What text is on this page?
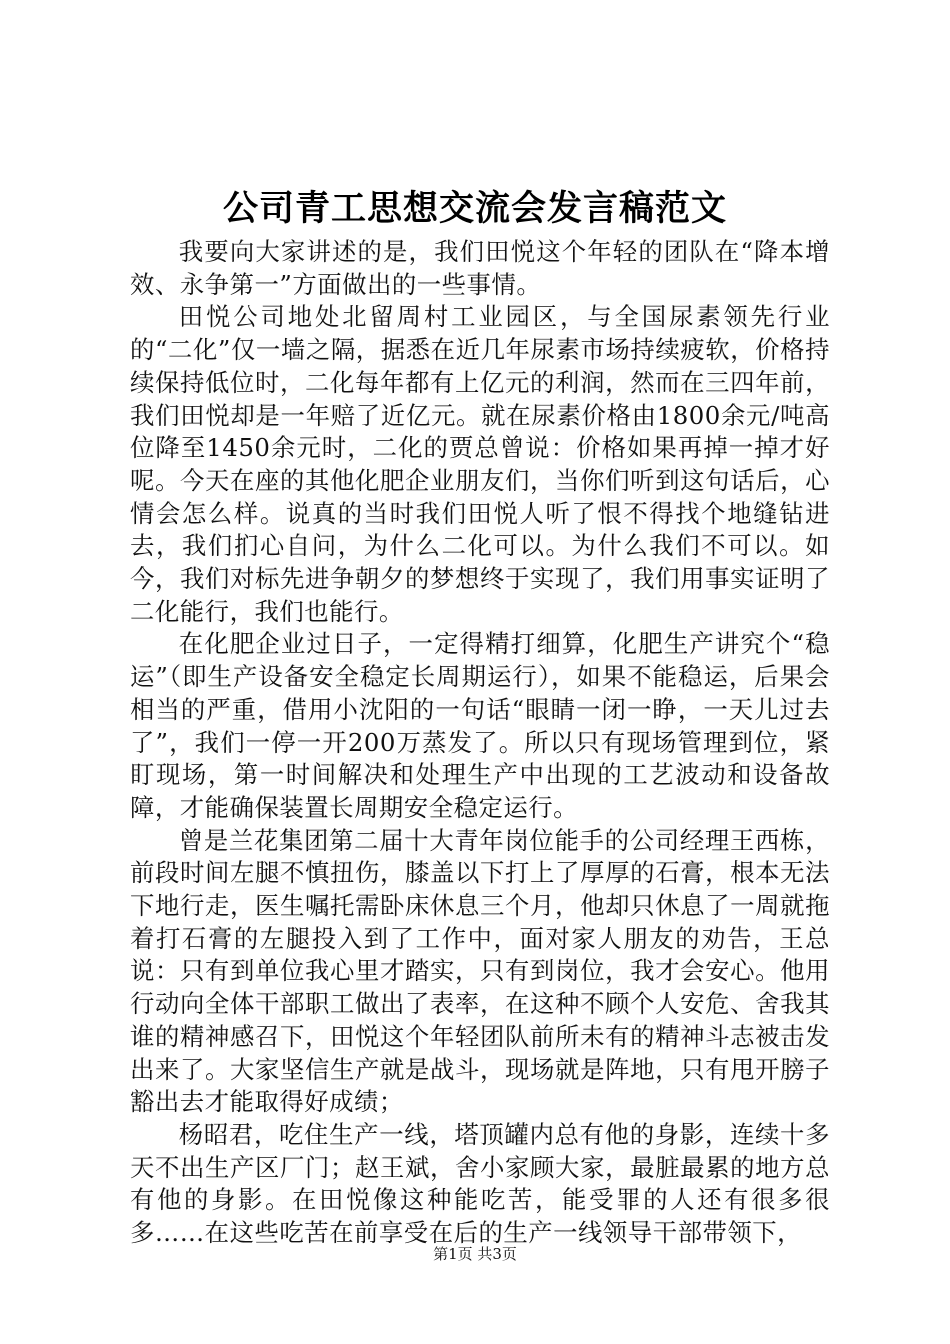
公司青工思想交流会发言稿范文

我要向大家讲述的是，我们田悦这个年轻的团队在“降本增效、永争第一”方面做出的一些事情。

田悦公司地处北留周村工业园区，与全国尿素领先行业的“二化”仅一墙之隔，据悉在近几年尿素市场持续疲软，价格持续保持低位时，二化每年都有上亿元的利润，然而在三四年前，我们田悦却是一年赔了近亿元。就在尿素价格由1800余元/吨高位降至1450余元时，二化的贾总曾说：价格如果再掉一掉才好呢。今天在座的其他化肥企业朋友们，当你们听到这句话后，心情会怎么样。说真的当时我们田悦人听了恨不得找个地缝钻进去，我们扪心自问，为什么二化可以。为什么我们不可以。如今，我们对标先进争朝夕的梦想终于实现了，我们用事实证明了二化能行，我们也能行。

在化肥企业过日子，一定得精打细算，化肥生产讲究个“稳运”（即生产设备安全稳定长周期运行），如果不能稳运，后果会相当的严重，借用小沈阳的一句话“眼睛一闭一睁，一天儿过去了”，我们一停一开200万蒸发了。所以只有现场管理到位，紧盯现场，第一时间解决和处理生产中出现的工艺波动和设备故障，才能确保装置长周期安全稳定运行。

曾是兰花集团第二届十大青年岗位能手的公司经理王西栋，前段时间左腿不慎扭伤，膝盖以下打上了厚厚的石膏，根本无法下地行走，医生嘱托需卧床休息三个月，他却只休息了一周就拖着打石膏的左腿投入到了工作中，面对家人朋友的劝告，王总说：只有到单位我心里才踏实，只有到岗位，我才会安心。他用行动向全体干部职工做出了表率，在这种不顾个人安危、舍我其谁的精神感召下，田悦这个年轻团队前所未有的精神斗志被击发出来了。大家坚信生产就是战斗，现场就是阵地，只有甩开膀子豁出去才能取得好成绩；

杨昭君，吃住生产一线，塔顶罐内总有他的身影，连续十多天不出生产区厂门；赵王斌，舍小家顾大家，最脏最累的地方总有他的身影。在田悦像这种能吃苦，能受罪的人还有很多很多……在这些吃苦在前享受在后的生产一线领导干部带领下，

第1页 共3页
